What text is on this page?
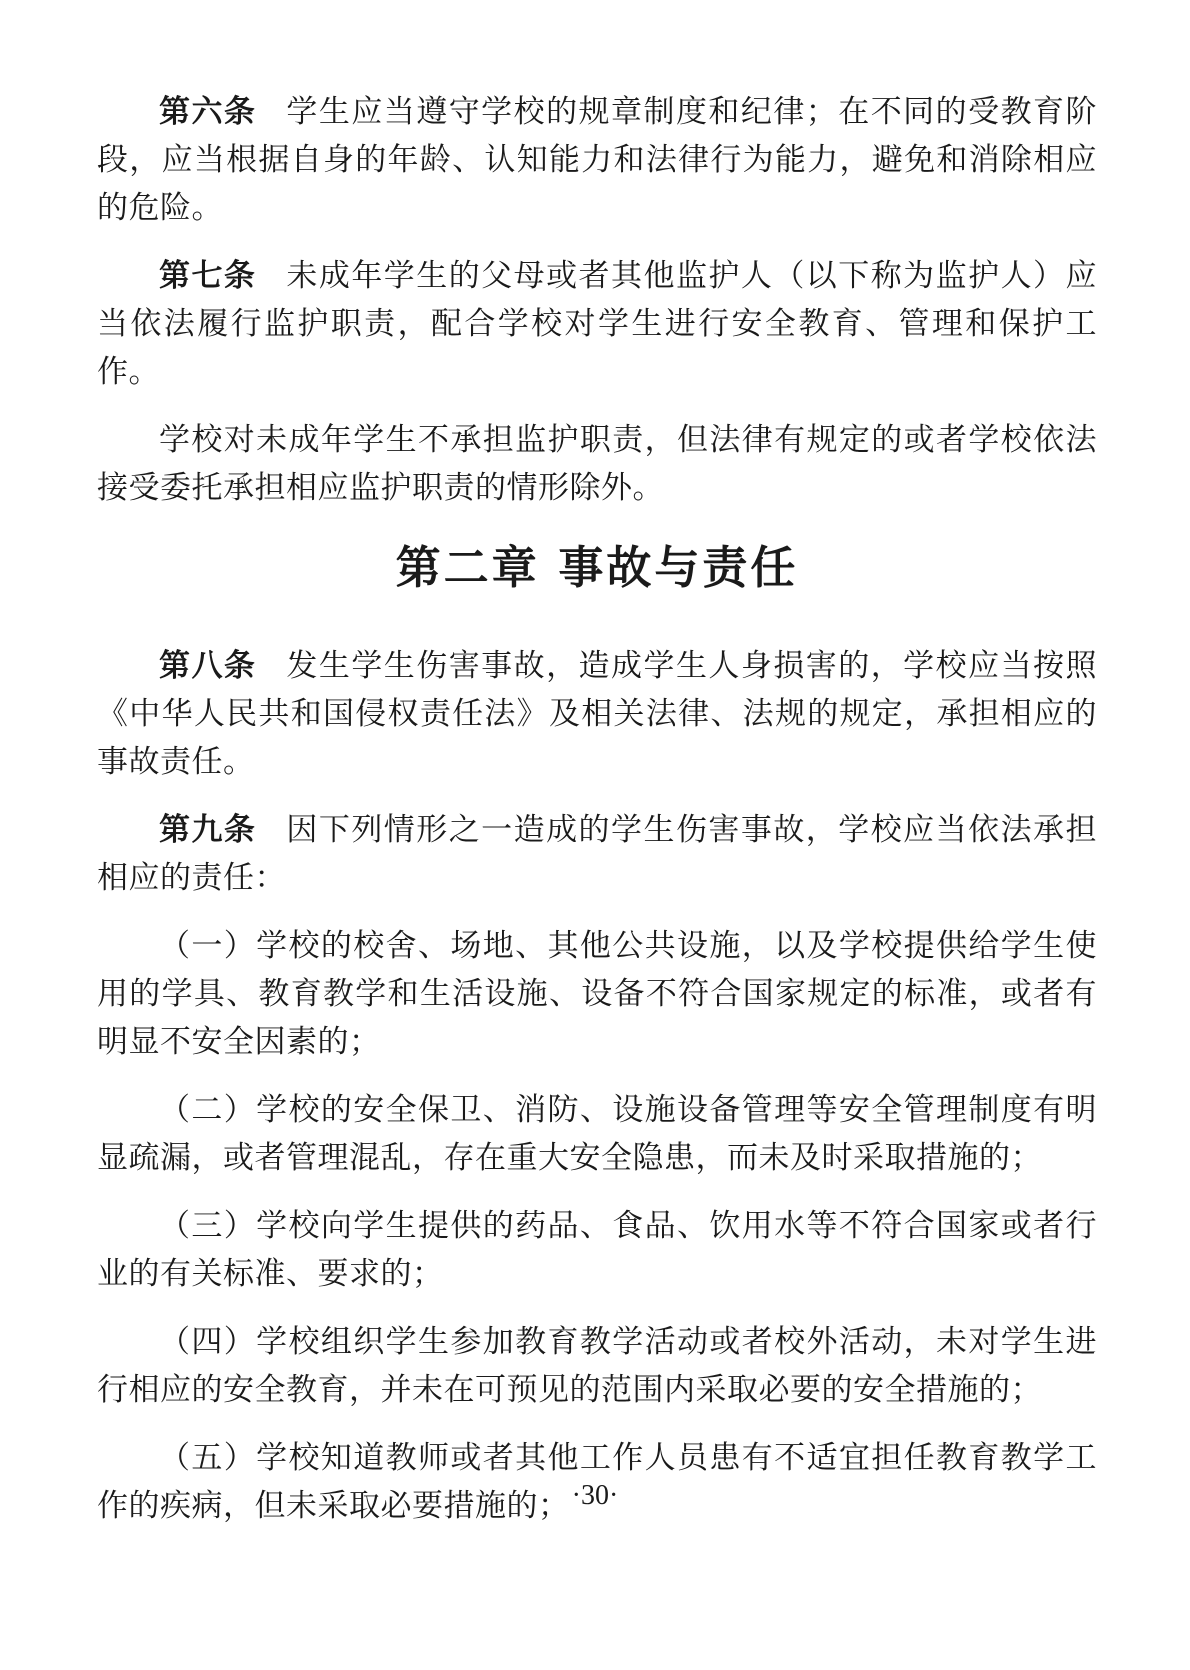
第六条 学生应当遵守学校的规章制度和纪律；在不同的受教育阶段，应当根据自身的年龄、认知能力和法律行为能力，避免和消除相应的危险。

第七条 未成年学生的父母或者其他监护人（以下称为监护人）应当依法履行监护职责，配合学校对学生进行安全教育、管理和保护工作。

学校对未成年学生不承担监护职责，但法律有规定的或者学校依法接受委托承担相应监护职责的情形除外。

第二章 事故与责任

第八条 发生学生伤害事故，造成学生人身损害的，学校应当按照《中华人民共和国侵权责任法》及相关法律、法规的规定，承担相应的事故责任。

第九条 因下列情形之一造成的学生伤害事故，学校应当依法承担相应的责任：

（一）学校的校舍、场地、其他公共设施，以及学校提供给学生使用的学具、教育教学和生活设施、设备不符合国家规定的标准，或者有明显不安全因素的；

（二）学校的安全保卫、消防、设施设备管理等安全管理制度有明显疏漏，或者管理混乱，存在重大安全隐患，而未及时采取措施的；

（三）学校向学生提供的药品、食品、饮用水等不符合国家或者行业的有关标准、要求的；

（四）学校组织学生参加教育教学活动或者校外活动，未对学生进行相应的安全教育，并未在可预见的范围内采取必要的安全措施的；

（五）学校知道教师或者其他工作人员患有不适宜担任教育教学工作的疾病，但未采取必要措施的； ·30·
